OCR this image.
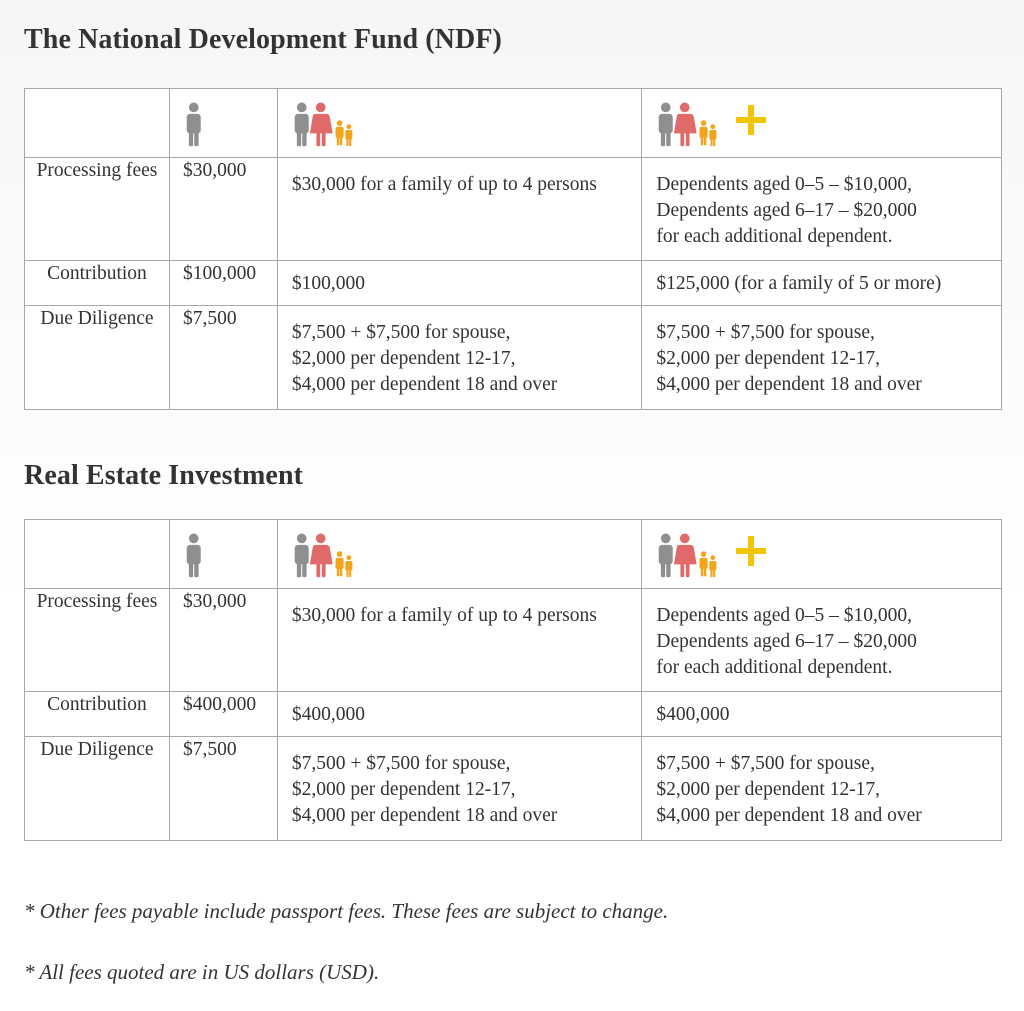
The National Development Fund (NDF)

Processing fees	$30,000	$30,000 for a family of up to 4 persons	Dependents aged 0–5 – $10,000,
Dependents aged 6–17 – $20,000
for each additional dependent.

Contribution	$100,000	$100,000	$125,000 (for a family of 5 or more)
Due Diligence	$7,500	$7,500 + $7,500 for spouse,
$2,000 per dependent 12-17,
$4,000 per dependent 18 and over	$7,500 + $7,500 for spouse,
$2,000 per dependent 12-17,
$4,000 per dependent 18 and over
Real Estate Investment

Processing fees	$30,000	$30,000 for a family of up to 4 persons	Dependents aged 0–5 – $10,000,
Dependents aged 6–17 – $20,000
for each additional dependent.

Contribution	$400,000	$400,000	$400,000
Due Diligence	$7,500	$7,500 + $7,500 for spouse,
$2,000 per dependent 12-17,
$4,000 per dependent 18 and over	$7,500 + $7,500 for spouse,
$2,000 per dependent 12-17,
$4,000 per dependent 18 and over

* Other fees payable include passport fees. These fees are subject to change.

* All fees quoted are in US dollars (USD).
